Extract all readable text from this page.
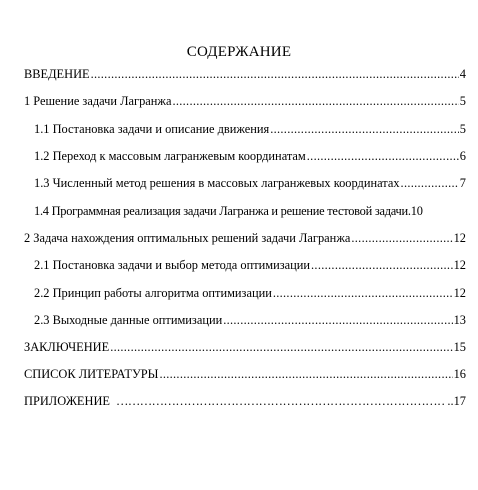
СОДЕРЖАНИЕ
ВВЕДЕНИЕ .....	4
1 Решение задачи Лагранжа .....	5
1.1 Постановка задачи и описание движения .....	5
1.2 Переход к массовым лагранжевым координатам .....	6
1.3 Численный метод решения в массовых лагранжевых координатах .....	7
1.4 Программная реализация задачи Лагранжа и решение тестовой задачи. 10
2 Задача нахождения оптимальных решений задачи Лагранжа .....	12
2.1 Постановка задачи и выбор метода оптимизации .....	12
2.2 Принцип работы алгоритма оптимизации .....	12
2.3 Выходные данные оптимизации .....	13
ЗАКЛЮЧЕНИЕ .....	15
СПИСОК ЛИТЕРАТУРЫ .....	16
ПРИЛОЖЕНИЕ ………………………………………………………………………………………………………………	..17
